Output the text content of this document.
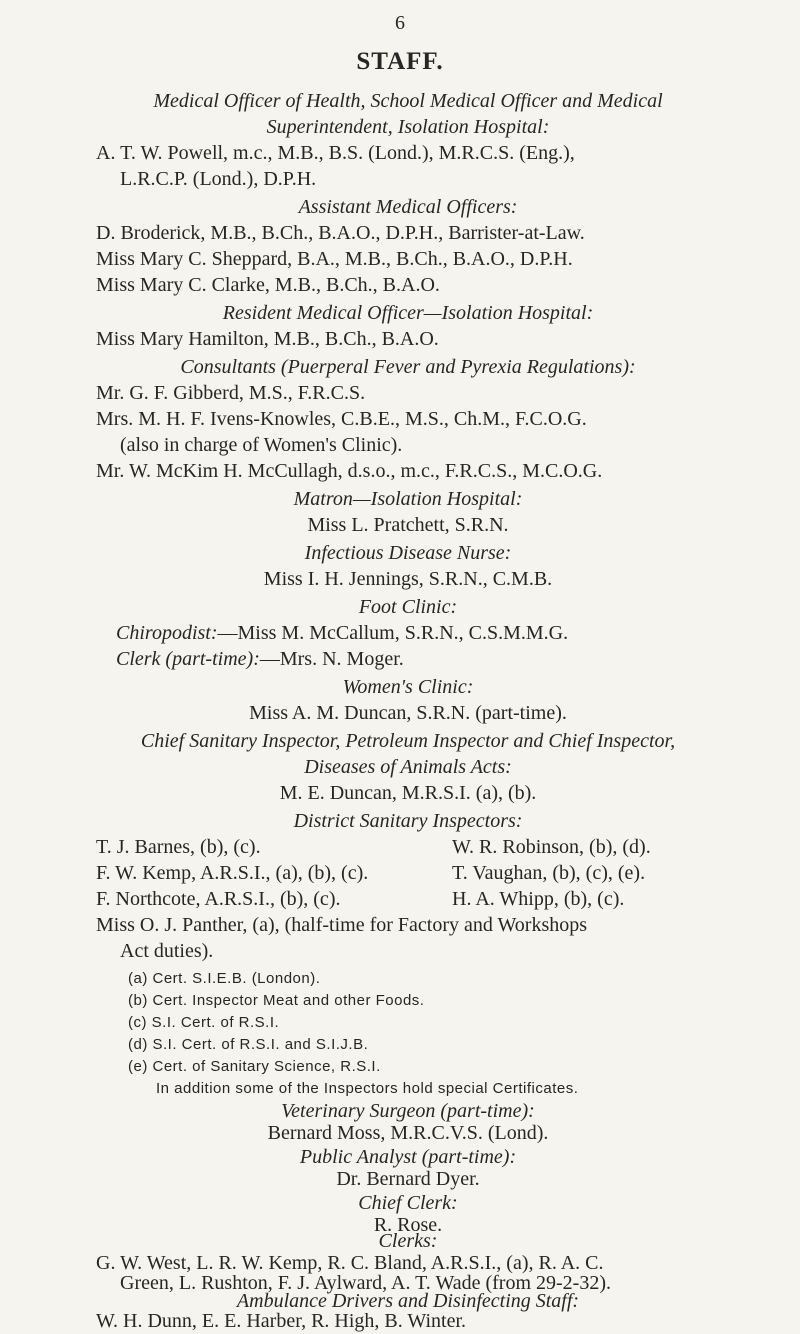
6
STAFF.
Medical Officer of Health, School Medical Officer and Medical
Superintendent, Isolation Hospital:
A. T. W. Powell, m.c., M.B., B.S. (Lond.), M.R.C.S. (Eng.),
L.R.C.P. (Lond.), D.P.H.
Assistant Medical Officers:
D. Broderick, M.B., B.Ch., B.A.O., D.P.H., Barrister-at-Law.
Miss Mary C. Sheppard, B.A., M.B., B.Ch., B.A.O., D.P.H.
Miss Mary C. Clarke, M.B., B.Ch., B.A.O.
Resident Medical Officer—Isolation Hospital:
Miss Mary Hamilton, M.B., B.Ch., B.A.O.
Consultants (Puerperal Fever and Pyrexia Regulations):
Mr. G. F. Gibberd, M.S., F.R.C.S.
Mrs. M. H. F. Ivens-Knowles, C.B.E., M.S., Ch.M., F.C.O.G.
(also in charge of Women's Clinic).
Mr. W. McKim H. McCullagh, d.s.o., m.c., F.R.C.S., M.C.O.G.
Matron—Isolation Hospital:
Miss L. Pratchett, S.R.N.
Infectious Disease Nurse:
Miss I. H. Jennings, S.R.N., C.M.B.
Foot Clinic:
Chiropodist:—Miss M. McCallum, S.R.N., C.S.M.M.G.
Clerk (part-time):—Mrs. N. Moger.
Women's Clinic:
Miss A. M. Duncan, S.R.N. (part-time).
Chief Sanitary Inspector, Petroleum Inspector and Chief Inspector,
Diseases of Animals Acts:
M. E. Duncan, M.R.S.I. (a), (b).
District Sanitary Inspectors:
T. J. Barnes, (b), (c).	W. R. Robinson, (b), (d).
F. W. Kemp, A.R.S.I., (a), (b), (c).	T. Vaughan, (b), (c), (e).
F. Northcote, A.R.S.I., (b), (c).	H. A. Whipp, (b), (c).
Miss O. J. Panther, (a), (half-time for Factory and Workshops
Act duties).
(a) Cert. S.I.E.B. (London).
(b) Cert. Inspector Meat and other Foods.
(c) S.I. Cert. of R.S.I.
(d) S.I. Cert. of R.S.I. and S.I.J.B.
(e) Cert. of Sanitary Science, R.S.I.
In addition some of the Inspectors hold special Certificates.
Veterinary Surgeon (part-time):
Bernard Moss, M.R.C.V.S. (Lond).
Public Analyst (part-time):
Dr. Bernard Dyer.
Chief Clerk:
R. Rose.
Clerks:
G. W. West, L. R. W. Kemp, R. C. Bland, A.R.S.I., (a), R. A. C.
Green, L. Rushton, F. J. Aylward, A. T. Wade (from 29-2-32).
Ambulance Drivers and Disinfecting Staff:
W. H. Dunn, E. E. Harber, R. High, B. Winter.
